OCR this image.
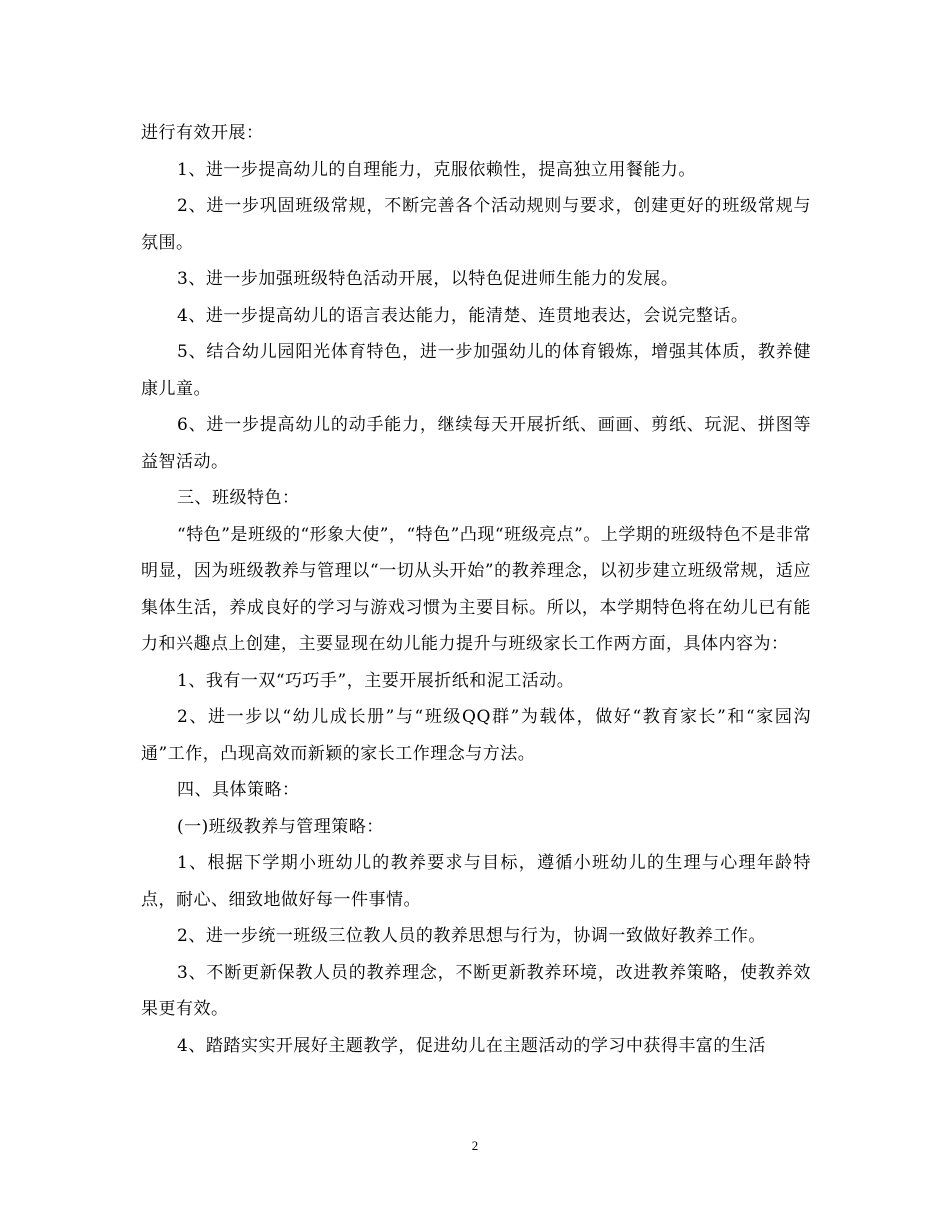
进行有效开展：

1、进一步提高幼儿的自理能力，克服依赖性，提高独立用餐能力。

2、进一步巩固班级常规，不断完善各个活动规则与要求，创建更好的班级常规与氛围。

3、进一步加强班级特色活动开展，以特色促进师生能力的发展。

4、进一步提高幼儿的语言表达能力，能清楚、连贯地表达，会说完整话。

5、结合幼儿园阳光体育特色，进一步加强幼儿的体育锻炼，增强其体质，教养健康儿童。

6、进一步提高幼儿的动手能力，继续每天开展折纸、画画、剪纸、玩泥、拼图等益智活动。

三、班级特色：

“特色”是班级的“形象大使”，“特色”凸现“班级亮点”。上学期的班级特色不是非常明显，因为班级教养与管理以“一切从头开始”的教养理念，以初步建立班级常规，适应集体生活，养成良好的学习与游戏习惯为主要目标。所以，本学期特色将在幼儿已有能力和兴趣点上创建，主要显现在幼儿能力提升与班级家长工作两方面，具体内容为：

1、我有一双“巧巧手”，主要开展折纸和泥工活动。

2、进一步以“幼儿成长册”与“班级QQ群”为载体，做好“教育家长”和“家园沟通”工作，凸现高效而新颖的家长工作理念与方法。

四、具体策略：

(一)班级教养与管理策略：

1、根据下学期小班幼儿的教养要求与目标，遵循小班幼儿的生理与心理年龄特点，耐心、细致地做好每一件事情。

2、进一步统一班级三位教人员的教养思想与行为，协调一致做好教养工作。

3、不断更新保教人员的教养理念，不断更新教养环境，改进教养策略，使教养效果更有效。

4、踏踏实实开展好主题教学，促进幼儿在主题活动的学习中获得丰富的生活

2
